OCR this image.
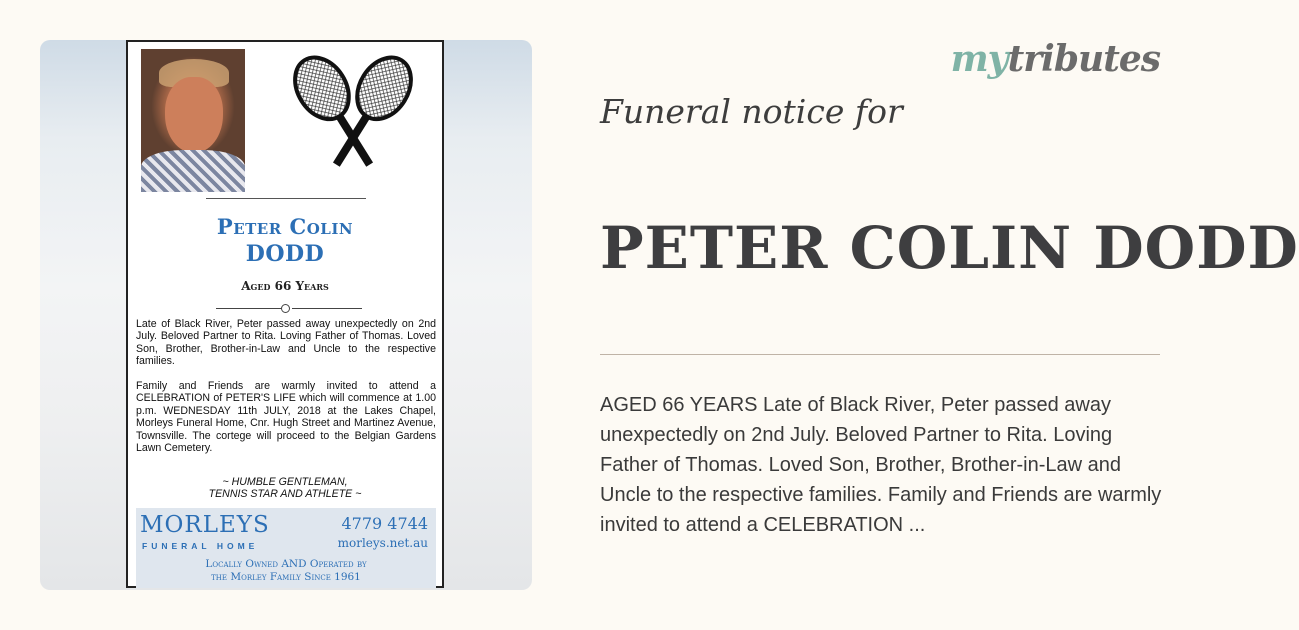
Peter Colin
DODD
Aged 66 Years
Late of Black River, Peter passed away unexpectedly on 2nd July. Beloved Partner to Rita. Loving Father of Thomas. Loved Son, Brother, Brother-in-Law and Uncle to the respective families.
Family and Friends are warmly invited to attend a CELEBRATION of PETER'S LIFE which will commence at 1.00 p.m. WEDNESDAY 11th JULY, 2018 at the Lakes Chapel, Morleys Funeral Home, Cnr. Hugh Street and Martinez Avenue, Townsville. The cortege will proceed to the Belgian Gardens Lawn Cemetery.
~ HUMBLE GENTLEMAN,
TENNIS STAR AND ATHLETE ~
MORLEYS
FUNERAL HOME
4779 4744
morleys.net.au
Locally Owned AND Operated by
the Morley Family Since 1961
mytributes
Funeral notice for
PETER COLIN DODD
AGED 66 YEARS Late of Black River, Peter passed away unexpectedly on 2nd July. Beloved Partner to Rita. Loving Father of Thomas. Loved Son, Brother, Brother-in-Law and Uncle to the respective families. Family and Friends are warmly invited to attend a CELEBRATION ...
